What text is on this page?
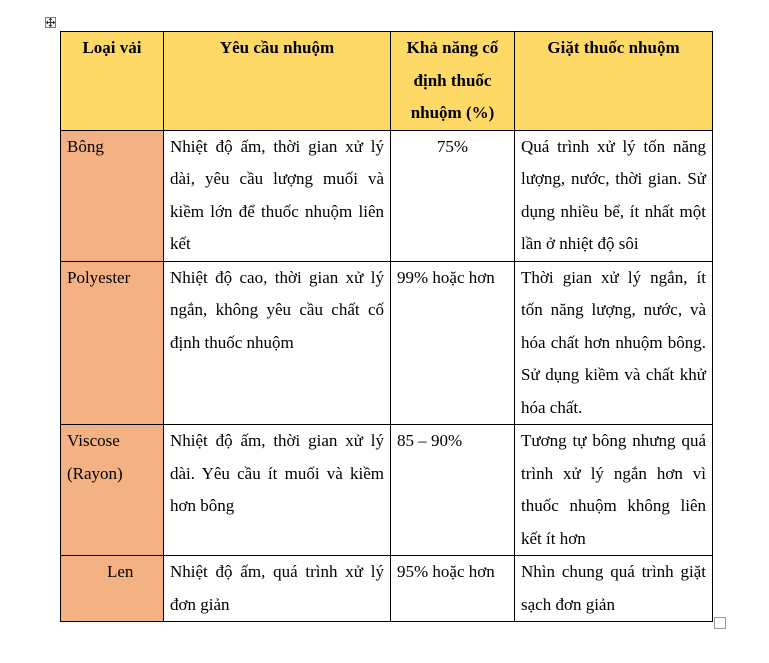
Loại vải	Yêu cầu nhuộm	Khả năng cố định thuốc nhuộm (%)	Giặt thuốc nhuộm
Bông	Nhiệt độ ấm, thời gian xử lý dài, yêu cầu lượng muối và kiềm lớn để thuốc nhuộm liên kết	75%	Quá trình xử lý tốn năng lượng, nước, thời gian. Sử dụng nhiều bể, ít nhất một lần ở nhiệt độ sôi
Polyester	Nhiệt độ cao, thời gian xử lý ngắn, không yêu cầu chất cố định thuốc nhuộm	99% hoặc hơn	Thời gian xử lý ngắn, ít tốn năng lượng, nước, và hóa chất hơn nhuộm bông. Sử dụng kiềm và chất khử hóa chất.
Viscose (Rayon)	Nhiệt độ ấm, thời gian xử lý dài. Yêu cầu ít muối và kiềm hơn bông	85 – 90%	Tương tự bông nhưng quá trình xử lý ngắn hơn vì thuốc nhuộm không liên kết ít hơn
Len	Nhiệt độ ấm, quá trình xử lý đơn giản	95% hoặc hơn	Nhìn chung quá trình giặt sạch đơn giản
